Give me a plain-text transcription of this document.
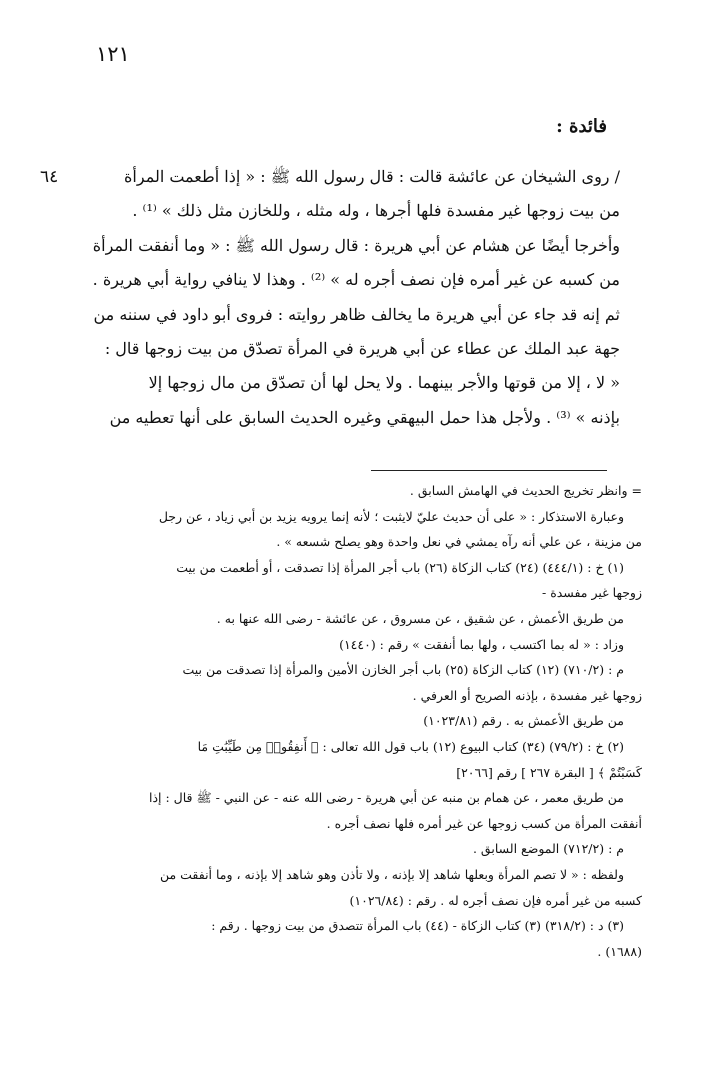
١٢١
فائدة :
٦٤	/ روى الشيخان عن عائشة قالت : قال رسول الله ﷺ : « إذا أطعمت المرأة
من بيت زوجها غير مفسدة فلها أجرها ، وله مثله ، وللخازن مثل ذلك » ⁽¹⁾ .
وأخرجا أيضًا عن هشام عن أبي هريرة : قال رسول الله ﷺ : « وما أنفقت المرأة
من كسبه عن غير أمره فإن نصف أجره له » ⁽²⁾ . وهذا لا ينافي رواية أبي هريرة .
ثم إنه قد جاء عن أبي هريرة ما يخالف ظاهر روايته : فروى أبو داود في سننه من
جهة عبد الملك عن عطاء عن أبي هريرة في المرأة تصدّق من بيت زوجها قال :
« لا ، إلا من قوتها والأجر بينهما . ولا يحل لها أن تصدّق من مال زوجها إلا
بإذنه » ⁽³⁾ . ولأجل هذا حمل البيهقي وغيره الحديث السابق على أنها تعطيه من
= وانظر تخريج الحديث في الهامش السابق .
وعبارة الاستذكار : « على أن حديث عليّ لايثبت ؛ لأنه إنما يرويه يزيد بن أبي زياد ، عن رجل
من مزينة ، عن علي أنه رآه يمشي في نعل واحدة وهو يصلح شسعه » .
(١) خ : (٤٤٤/١) (٢٤) كتاب الزكاة (٢٦) باب أجر المرأة إذا تصدقت ، أو أطعمت من بيت
زوجها غير مفسدة -
من طريق الأعمش ، عن شقيق ، عن مسروق ، عن عائشة - رضى الله عنها به .
وزاد : « له بما اكتسب ، ولها بما أنفقت » رقم : (١٤٤٠)
م : (٧١٠/٢) (١٢) كتاب الزكاة (٢٥) باب أجر الخازن الأمين والمرأة إذا تصدقت من بيت
زوجها غير مفسدة ، بإذنه الصريح أو العرفي .
من طريق الأعمش به . رقم (١٠٢٣/٨١)
(٢) خ : (٧٩/٢) (٣٤) كتاب البيوع (١٢) باب قول الله تعالى : ﴿ أَنفِقُوا۟ مِن طَيِّبَٰتِ مَا
كَسَبْتُمْ ﴾ [ البقرة ٢٦٧ ] رقم [٢٠٦٦]
من طريق معمر ، عن همام بن منبه عن أبي هريرة - رضى الله عنه - عن النبي - ﷺ قال : إذا
أنفقت المرأة من كسب زوجها عن غير أمره فلها نصف أجره .
م : (٧١٢/٢) الموضع السابق .
ولفظه : « لا تصم المرأة وبعلها شاهد إلا بإذنه ، ولا تأذن وهو شاهد إلا بإذنه ، وما أنفقت من
كسبه من غير أمره فإن نصف أجره له . رقم : (١٠٢٦/٨٤)
(٣) د : (٣١٨/٢) (٣) كتاب الزكاة - (٤٤) باب المرأة تتصدق من بيت زوجها . رقم :
(١٦٨٨) .
